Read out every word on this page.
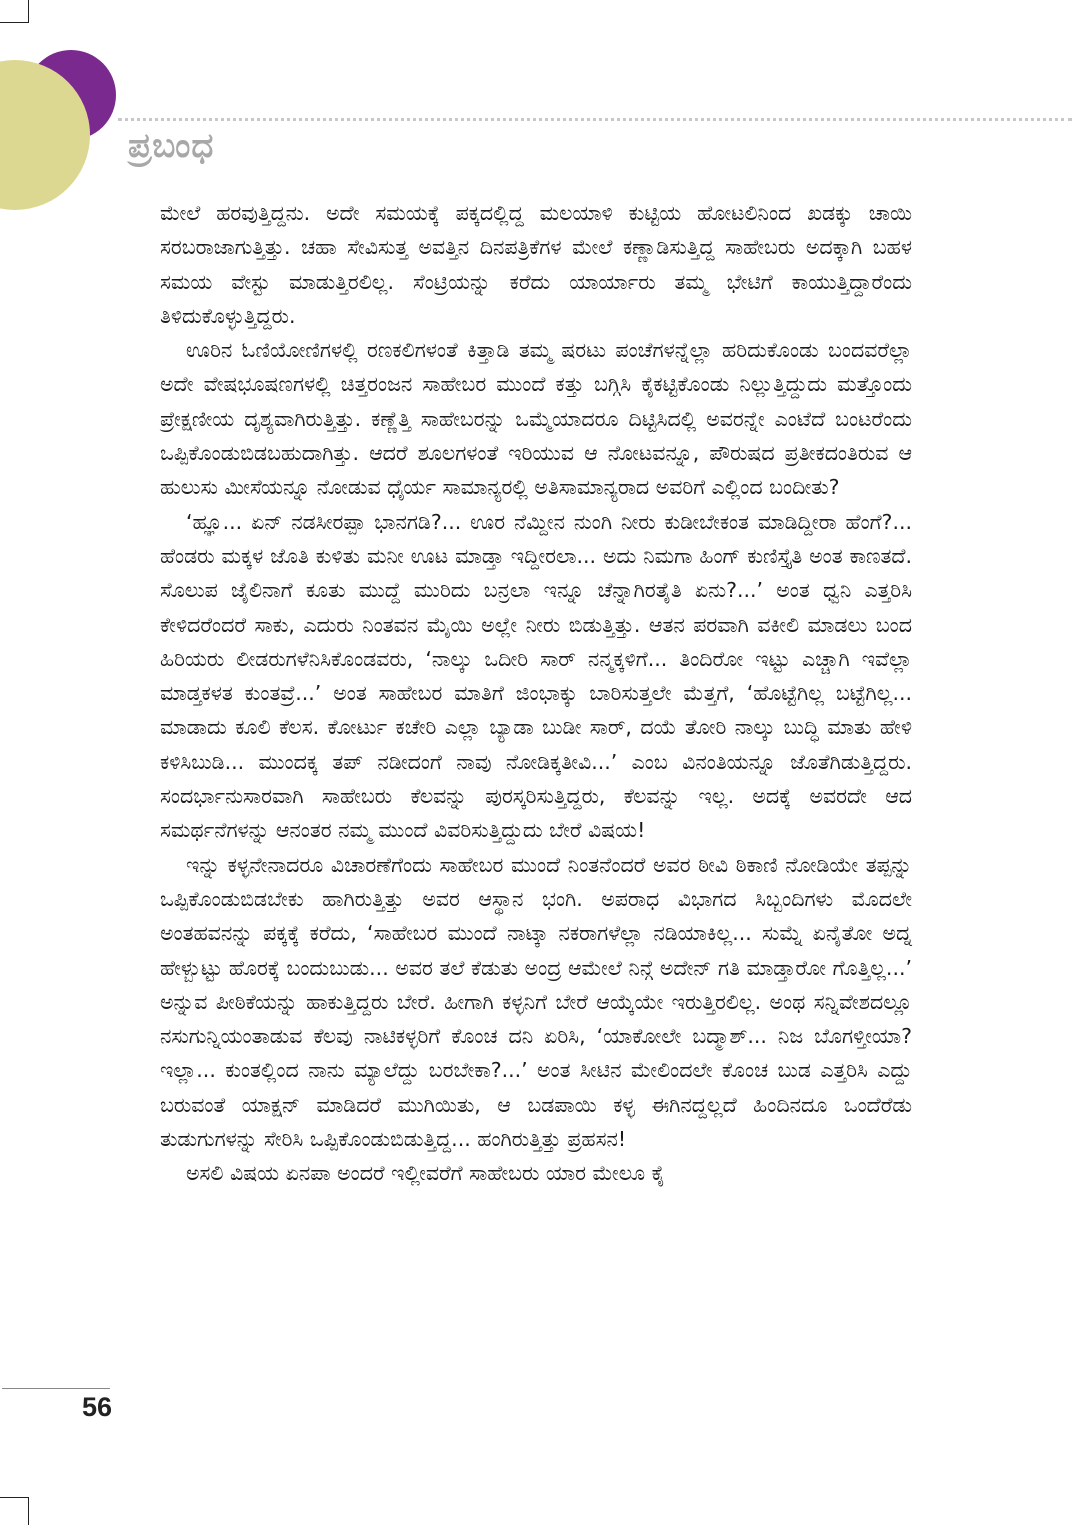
ಪ್ರಬಂಧ

ಮೇಲೆ ಹರವುತ್ತಿದ್ದನು. ಅದೇ ಸಮಯಕ್ಕೆ ಪಕ್ಕದಲ್ಲಿದ್ದ ಮಲಯಾಳಿ ಕುಟ್ಟಿಯ ಹೋಟಲಿನಿಂದ ಖಡಕ್ಕು ಚಾಯಿ ಸರಬರಾಜಾಗುತ್ತಿತ್ತು. ಚಹಾ ಸೇವಿಸುತ್ತ ಅವತ್ತಿನ ದಿನಪತ್ರಿಕೆಗಳ ಮೇಲೆ ಕಣ್ಣಾಡಿಸುತ್ತಿದ್ದ ಸಾಹೇಬರು ಅದಕ್ಕಾಗಿ ಬಹಳ ಸಮಯ ವೇಸ್ಟು ಮಾಡುತ್ತಿರಲಿಲ್ಲ. ಸೆಂಟ್ರಿಯನ್ನು ಕರೆದು ಯಾರ್ಯಾರು ತಮ್ಮ ಭೇಟಿಗೆ ಕಾಯುತ್ತಿದ್ದಾರೆಂದು ತಿಳಿದುಕೊಳ್ಳುತ್ತಿದ್ದರು.

ಊರಿನ ಓಣಿಯೋಣಿಗಳಲ್ಲಿ ರಣಕಲಿಗಳಂತೆ ಕಿತ್ತಾಡಿ ತಮ್ಮ ಷರಟು ಪಂಚೆಗಳನ್ನೆಲ್ಲಾ ಹರಿದುಕೊಂಡು ಬಂದವರೆಲ್ಲಾ ಅದೇ ವೇಷಭೂಷಣಗಳಲ್ಲಿ ಚಿತ್ತರಂಜನ ಸಾಹೇಬರ ಮುಂದೆ ಕತ್ತು ಬಗ್ಗಿಸಿ ಕೈಕಟ್ಟಿಕೊಂಡು ನಿಲ್ಲುತ್ತಿದ್ದುದು ಮತ್ತೊಂದು ಪ್ರೇಕ್ಷಣೀಯ ದೃಶ್ಯವಾಗಿರುತ್ತಿತ್ತು. ಕಣ್ಣೆತ್ತಿ ಸಾಹೇಬರನ್ನು ಒಮ್ಮೆಯಾದರೂ ದಿಟ್ಟಿಸಿದಲ್ಲಿ ಅವರನ್ನೇ ಎಂಟೆದೆ ಬಂಟರೆಂದು ಒಪ್ಪಿಕೊಂಡುಬಿಡಬಹುದಾಗಿತ್ತು. ಆದರೆ ಶೂಲಗಳಂತೆ ಇರಿಯುವ ಆ ನೋಟವನ್ನೂ, ಪೌರುಷದ ಪ್ರತೀಕದಂತಿರುವ ಆ ಹುಲುಸು ಮೀಸೆಯನ್ನೂ ನೋಡುವ ಧೈರ್ಯ ಸಾಮಾನ್ಯರಲ್ಲಿ ಅತಿಸಾಮಾನ್ಯರಾದ ಅವರಿಗೆ ಎಲ್ಲಿಂದ ಬಂದೀತು?

‘ಹ್ಞೂ... ಏನ್ ನಡಸೀರಪ್ಪಾ ಭಾನಗಡಿ?... ಊರ ನೆಮ್ದೀನ ನುಂಗಿ ನೀರು ಕುಡೀಬೇಕಂತ ಮಾಡಿದ್ದೀರಾ ಹೆಂಗೆ?... ಹೆಂಡರು ಮಕ್ಕಳ ಜೊತಿ ಕುಳಿತು ಮನೀ ಊಟ ಮಾಡ್ತಾ ಇದ್ದೀರಲಾ... ಅದು ನಿಮಗಾ ಹಿಂಗ್ ಕುಣಿಸ್ತೈತಿ ಅಂತ ಕಾಣತದೆ. ಸೊಲುಪ ಜೈಲಿನಾಗೆ ಕೂತು ಮುದ್ದೆ ಮುರಿದು ಬನ್ರಲಾ ಇನ್ನೂ ಚೆನ್ನಾಗಿರತೈತಿ ಏನು?...’ ಅಂತ ಧ್ವನಿ ಎತ್ತರಿಸಿ ಕೇಳಿದರೆಂದರೆ ಸಾಕು, ಎದುರು ನಿಂತವನ ಮೈಯಿ ಅಲ್ಲೇ ನೀರು ಬಿಡುತ್ತಿತ್ತು. ಆತನ ಪರವಾಗಿ ವಕೀಲಿ ಮಾಡಲು ಬಂದ ಹಿರಿಯರು ಲೀಡರುಗಳೆನಿಸಿಕೊಂಡವರು, ‘ನಾಲ್ಕು ಒದೀರಿ ಸಾರ್ ನನ್ಮಕ್ಕಳಿಗೆ... ತಿಂದಿರೋ ಇಟ್ಟು ಎಚ್ಚಾಗಿ ಇವೆಲ್ಲಾ ಮಾಡ್ತಕಳತ ಕುಂತವ್ರೆ...’ ಅಂತ ಸಾಹೇಬರ ಮಾತಿಗೆ ಜಿಂಭಾಕ್ಕು ಬಾರಿಸುತ್ತಲೇ ಮೆತ್ತಗೆ, ‘ಹೊಟ್ಟೆಗಿಲ್ಲ ಬಟ್ಟೆಗಿಲ್ಲ... ಮಾಡಾದು ಕೂಲಿ ಕೆಲಸ. ಕೋರ್ಟು ಕಚೇರಿ ಎಲ್ಲಾ ಬ್ಯಾಡಾ ಬುಡೀ ಸಾರ್, ದಯೆ ತೋರಿ ನಾಲ್ಕು ಬುದ್ಧಿ ಮಾತು ಹೇಳಿ ಕಳಿಸಿಬುಡಿ... ಮುಂದಕ್ಕ ತಪ್ ನಡೀದಂಗೆ ನಾವು ನೋಡಿಕ್ಕತೀವಿ...’ ಎಂಬ ವಿನಂತಿಯನ್ನೂ ಜೊತೆಗಿಡುತ್ತಿದ್ದರು. ಸಂದರ್ಭಾನುಸಾರವಾಗಿ ಸಾಹೇಬರು ಕೆಲವನ್ನು ಪುರಸ್ಕರಿಸುತ್ತಿದ್ದರು, ಕೆಲವನ್ನು ಇಲ್ಲ. ಅದಕ್ಕೆ ಅವರದೇ ಆದ ಸಮರ್ಥನೆಗಳನ್ನು ಆನಂತರ ನಮ್ಮ ಮುಂದೆ ವಿವರಿಸುತ್ತಿದ್ದುದು ಬೇರೆ ವಿಷಯ!

ಇನ್ನು ಕಳ್ಳನೇನಾದರೂ ವಿಚಾರಣೆಗೆಂದು ಸಾಹೇಬರ ಮುಂದೆ ನಿಂತನೆಂದರೆ ಅವರ ಠೀವಿ ಠಿಕಾಣಿ ನೋಡಿಯೇ ತಪ್ಪನ್ನು ಒಪ್ಪಿಕೊಂಡುಬಿಡಬೇಕು ಹಾಗಿರುತ್ತಿತ್ತು ಅವರ ಆಸ್ಥಾನ ಭಂಗಿ. ಅಪರಾಧ ವಿಭಾಗದ ಸಿಬ್ಬಂದಿಗಳು ಮೊದಲೇ ಅಂತಹವನನ್ನು ಪಕ್ಕಕ್ಕೆ ಕರೆದು, ‘ಸಾಹೇಬರ ಮುಂದೆ ನಾಟ್ಕಾ ನಕರಾಗಳೆಲ್ಲಾ ನಡಿಯಾಕಿಲ್ಲ... ಸುಮ್ನೆ ಏನೈತೋ ಅದ್ನ ಹೇಳ್ಬುಟ್ಟು ಹೊರಕ್ಕೆ ಬಂದುಬುಡು... ಅವರ ತಲೆ ಕೆಡುತು ಅಂದ್ರ ಆಮೇಲೆ ನಿನ್ಗೆ ಅದೇನ್ ಗತಿ ಮಾಡ್ತಾರೋ ಗೊತ್ತಿಲ್ಲ...’ ಅನ್ನುವ ಪೀಠಿಕೆಯನ್ನು ಹಾಕುತ್ತಿದ್ದರು ಬೇರೆ. ಹೀಗಾಗಿ ಕಳ್ಳನಿಗೆ ಬೇರೆ ಆಯ್ಕೆಯೇ ಇರುತ್ತಿರಲಿಲ್ಲ. ಅಂಥ ಸನ್ನಿವೇಶದಲ್ಲೂ ನಸುಗುನ್ನಿಯಂತಾಡುವ ಕೆಲವು ನಾಟಿಕಳ್ಳರಿಗೆ ಕೊಂಚ ದನಿ ಏರಿಸಿ, ‘ಯಾಕೋಲೇ ಬದ್ಮಾಶ್... ನಿಜ ಬೊಗಳ್ತೀಯಾ? ಇಲ್ಲಾ... ಕುಂತಲ್ಲಿಂದ ನಾನು ಮ್ಯಾಲೆದ್ದು ಬರಬೇಕಾ?...’ ಅಂತ ಸೀಟಿನ ಮೇಲಿಂದಲೇ ಕೊಂಚ ಬುಡ ಎತ್ತರಿಸಿ ಎದ್ದು ಬರುವಂತೆ ಯಾಕ್ಷನ್ ಮಾಡಿದರೆ ಮುಗಿಯಿತು, ಆ ಬಡಪಾಯಿ ಕಳ್ಳ ಈಗಿನದ್ದಲ್ಲದೆ ಹಿಂದಿನದೂ ಒಂದೆರೆಡು ತುಡುಗುಗಳನ್ನು ಸೇರಿಸಿ ಒಪ್ಪಿಕೊಂಡುಬಿಡುತ್ತಿದ್ದ... ಹಂಗಿರುತ್ತಿತ್ತು ಪ್ರಹಸನ!

ಅಸಲಿ ವಿಷಯ ಏನಪಾ ಅಂದರೆ ಇಲ್ಲೀವರೆಗೆ ಸಾಹೇಬರು ಯಾರ ಮೇಲೂ ಕೈ

56
